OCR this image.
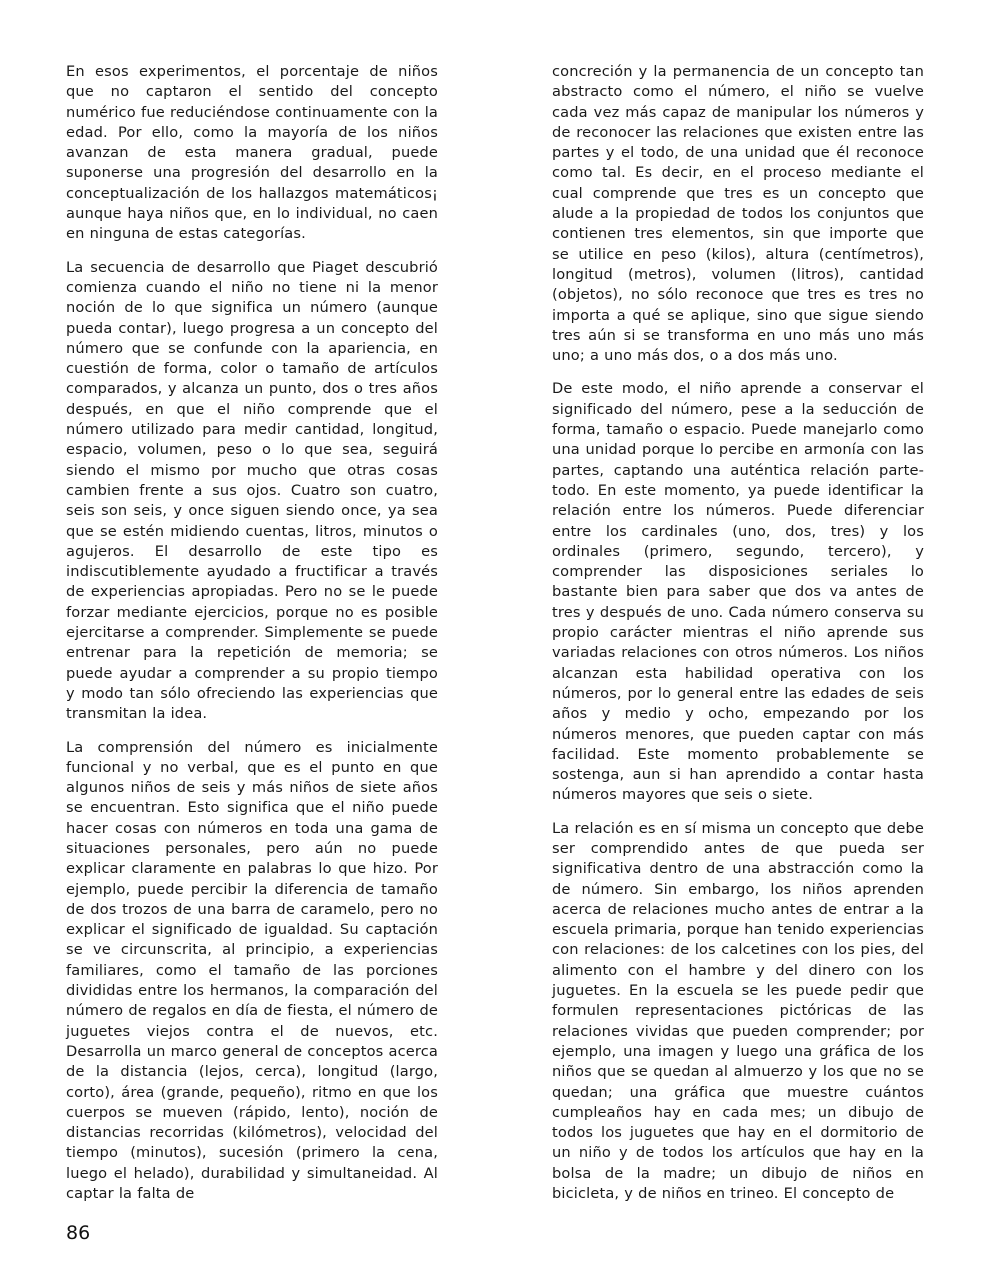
En esos experimentos, el porcentaje de niños que no captaron el sentido del concepto numérico fue reduciéndose continuamente con la edad. Por ello, como la mayoría de los niños avanzan de esta manera gradual, puede suponerse una progresión del desarrollo en la conceptualización de los hallazgos matemáticos¡ aunque haya niños que, en lo individual, no caen en ninguna de estas categorías.

La secuencia de desarrollo que Piaget descubrió comienza cuando el niño no tiene ni la menor noción de lo que significa un número (aunque pueda contar), luego progresa a un concepto del número que se confunde con la apariencia, en cuestión de forma, color o tamaño de artículos comparados, y alcanza un punto, dos o tres años después, en que el niño comprende que el número utilizado para medir cantidad, longitud, espacio, volumen, peso o lo que sea, seguirá siendo el mismo por mucho que otras cosas cambien frente a sus ojos. Cuatro son cuatro, seis son seis, y once siguen siendo once, ya sea que se estén midiendo cuentas, litros, minutos o agujeros. El desarrollo de este tipo es indiscutiblemente ayudado a fructificar a través de experiencias apropiadas. Pero no se le puede forzar mediante ejercicios, porque no es posible ejercitarse a comprender. Simplemente se puede entrenar para la repetición de memoria; se puede ayudar a comprender a su propio tiempo y modo tan sólo ofreciendo las experiencias que transmitan la idea.

La comprensión del número es inicialmente funcional y no verbal, que es el punto en que algunos niños de seis y más niños de siete años se encuentran. Esto significa que el niño puede hacer cosas con números en toda una gama de situaciones personales, pero aún no puede explicar claramente en palabras lo que hizo. Por ejemplo, puede percibir la diferencia de tamaño de dos trozos de una barra de caramelo, pero no explicar el significado de igualdad. Su captación se ve circunscrita, al principio, a experiencias familiares, como el tamaño de las porciones divididas entre los hermanos, la comparación del número de regalos en día de fiesta, el número de juguetes viejos contra el de nuevos, etc. Desarrolla un marco general de conceptos acerca de la distancia (lejos, cerca), longitud (largo, corto), área (grande, pequeño), ritmo en que los cuerpos se mueven (rápido, lento), noción de distancias recorridas (kilómetros), velocidad del tiempo (minutos), sucesión (primero la cena, luego el helado), durabilidad y simultaneidad. Al captar la falta de

concreción y la permanencia de un concepto tan abstracto como el número, el niño se vuelve cada vez más capaz de manipular los números y de reconocer las relaciones que existen entre las partes y el todo, de una unidad que él reconoce como tal. Es decir, en el proceso mediante el cual comprende que tres es un concepto que alude a la propiedad de todos los conjuntos que contienen tres elementos, sin que importe que se utilice en peso (kilos), altura (centímetros), longitud (metros), volumen (litros), cantidad (objetos), no sólo reconoce que tres es tres no importa a qué se aplique, sino que sigue siendo tres aún si se transforma en uno más uno más uno; a uno más dos, o a dos más uno.

De este modo, el niño aprende a conservar el significado del número, pese a la seducción de forma, tamaño o espacio. Puede manejarlo como una unidad porque lo percibe en armonía con las partes, captando una auténtica relación parte-todo. En este momento, ya puede identificar la relación entre los números. Puede diferenciar entre los cardinales (uno, dos, tres) y los ordinales (primero, segundo, tercero), y comprender las disposiciones seriales lo bastante bien para saber que dos va antes de tres y después de uno. Cada número conserva su propio carácter mientras el niño aprende sus variadas relaciones con otros números. Los niños alcanzan esta habilidad operativa con los números, por lo general entre las edades de seis años y medio y ocho, empezando por los números menores, que pueden captar con más facilidad. Este momento probablemente se sostenga, aun si han aprendido a contar hasta números mayores que seis o siete.

La relación es en sí misma un concepto que debe ser comprendido antes de que pueda ser significativa dentro de una abstracción como la de número. Sin embargo, los niños aprenden acerca de relaciones mucho antes de entrar a la escuela primaria, porque han tenido experiencias con relaciones: de los calcetines con los pies, del alimento con el hambre y del dinero con los juguetes. En la escuela se les puede pedir que formulen representaciones pictóricas de las relaciones vividas que pueden comprender; por ejemplo, una imagen y luego una gráfica de los niños que se quedan al almuerzo y los que no se quedan; una gráfica que muestre cuántos cumpleaños hay en cada mes; un dibujo de todos los juguetes que hay en el dormitorio de un niño y de todos los artículos que hay en la bolsa de la madre; un dibujo de niños en bicicleta, y de niños en trineo. El concepto de

86
